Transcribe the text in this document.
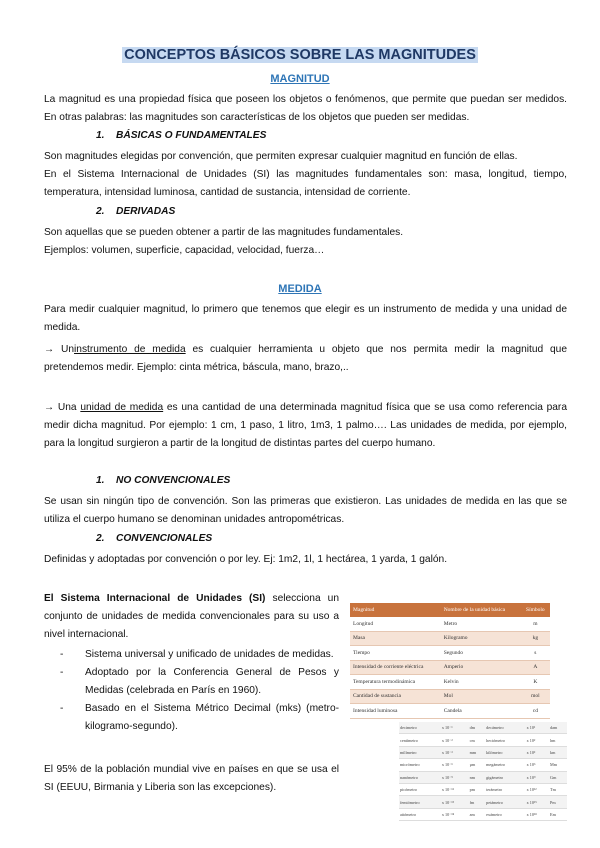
CONCEPTOS BÁSICOS SOBRE LAS MAGNITUDES
MAGNITUD
La magnitud es una propiedad física que poseen los objetos o fenómenos, que permite que puedan ser medidos. En otras palabras: las magnitudes son características de los objetos que pueden ser medidas.
1. BÁSICAS O FUNDAMENTALES
Son magnitudes elegidas por convención, que permiten expresar cualquier magnitud en función de ellas.
En el Sistema Internacional de Unidades (SI) las magnitudes fundamentales son: masa, longitud, tiempo, temperatura, intensidad luminosa, cantidad de sustancia, intensidad de corriente.
2. DERIVADAS
Son aquellas que se pueden obtener a partir de las magnitudes fundamentales.
Ejemplos: volumen, superficie, capacidad, velocidad, fuerza…
MEDIDA
Para medir cualquier magnitud, lo primero que tenemos que elegir es un instrumento de medida y una unidad de medida.
→ Uninstrumento de medida es cualquier herramienta u objeto que nos permita medir la magnitud que pretendemos medir. Ejemplo: cinta métrica, báscula, mano, brazo,..
→ Una unidad de medida es una cantidad de una determinada magnitud física que se usa como referencia para medir dicha magnitud. Por ejemplo: 1 cm, 1 paso, 1 litro, 1m3, 1 palmo…. Las unidades de medida, por ejemplo, para la longitud surgieron a partir de la longitud de distintas partes del cuerpo humano.
1. NO CONVENCIONALES
Se usan sin ningún tipo de convención. Son las primeras que existieron. Las unidades de medida en las que se utiliza el cuerpo humano se denominan unidades antropométricas.
2. CONVENCIONALES
Definidas y adoptadas por convención o por ley. Ej: 1m2, 1l, 1 hectárea, 1 yarda, 1 galón.
El Sistema Internacional de Unidades (SI) selecciona un conjunto de unidades de medida convencionales para su uso a nivel internacional.
- Sistema universal y unificado de unidades de medidas.
- Adoptado por la Conferencia General de Pesos y Medidas (celebrada en París en 1960).
- Basado en el Sistema Métrico Decimal (mks) (metro-kilogramo-segundo).
El 95% de la población mundial vive en países en que se usa el SI (EEUU, Birmania y Liberia son las excepciones).
Magnitud	Nombre de la unidad básica	Símbolo
Longitud	Metro	m
Masa	Kilogramo	kg
Tiempo	Segundo	s
Intensidad de corriente eléctrica	Amperio	A
Temperatura termodinámica	Kelvin	K
Cantidad de sustancia	Mol	mol
Intensidad luminosa	Candela	cd
decimetro	x 10⁻¹	dm	decámetro	x 10¹	dam
centímetro	x 10⁻²	cm	hectómetro	x 10²	hm
milímetro	x 10⁻³	mm	kilómetro	x 10³	km
micrómetro	x 10⁻⁶	µm	megámetro	x 10⁶	Mm
nanómetro	x 10⁻⁹	nm	gigámetro	x 10⁹	Gm
picómetro	x 10⁻¹²	pm	terámetro	x 10¹²	Tm
femtómetro	x 10⁻¹⁵	fm	petámetro	x 10¹⁵	Pm
attómetro	x 10⁻¹⁸	am	exámetro	x 10¹⁸	Em
